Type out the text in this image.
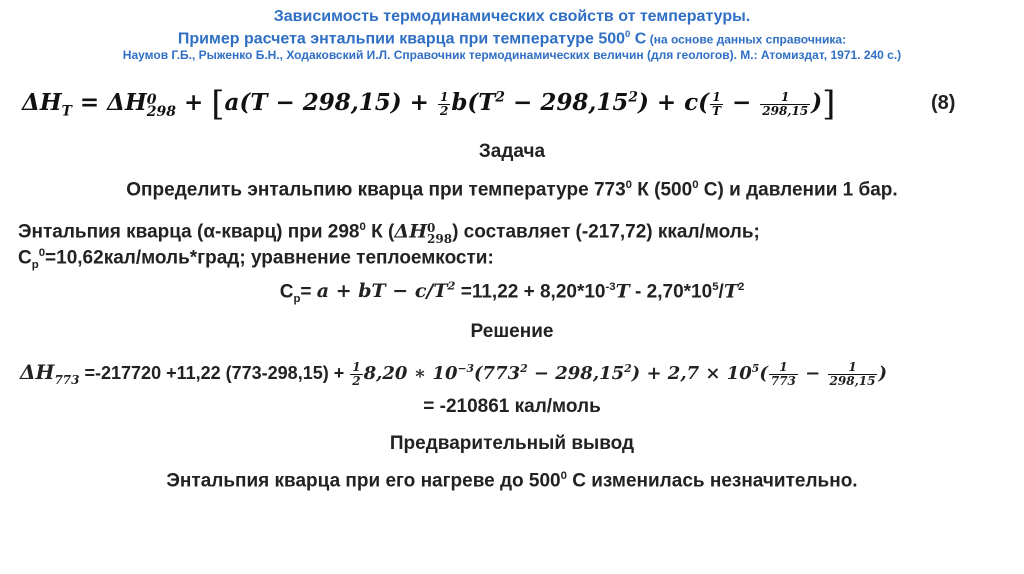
Зависимость термодинамических свойств от температуры.
Пример расчета энтальпии кварца при температуре $500^0$ С (на основе данных справочника:
Наумов Г.Б., Рыженко Б.Н., Ходаковский И.Л. Справочник термодинамических величин (для геологов). М.: Атомиздат, 1971. 240 с.)
$\Delta H_T = \Delta H$ 0
$298 + [a(T - 298,15) + \frac{1}{2} b(T^2 - 298,15^2) + c( \frac{1}{T} - \frac{1}{298,15}$ )]	(8)
Задача
Определить энтальпию кварца при температуре $773^0$ К ($500^0$ С) и давлении 1 бар.
Энтальпия кварца (α-кварц) при $298^0$ К (ΔH 0
298 ) составляет (-217,72) ккал/моль;
$С_p^0=10,62кал/моль*град$; уравнение теплоемкости:
$С_p= a$ + bT − $c/T^2 =11,22 + 8,20*10^{-3}T - 2,70*10^5/T^2$
Решение
$\Delta H_{773} =-217720 +11,22$ $(773-298,15) + \frac{1}{2} 8,20$ ∗ $10^{-3}(773^2 - 298,15^2) + 2,7 \times 10^5( \frac{1}{773} - \frac{1}{298,15}$ )
= -210861 кал/моль
Предварительный вывод
Энтальпия кварца при его нагреве до $500^0$ С изменилась незначительно.
